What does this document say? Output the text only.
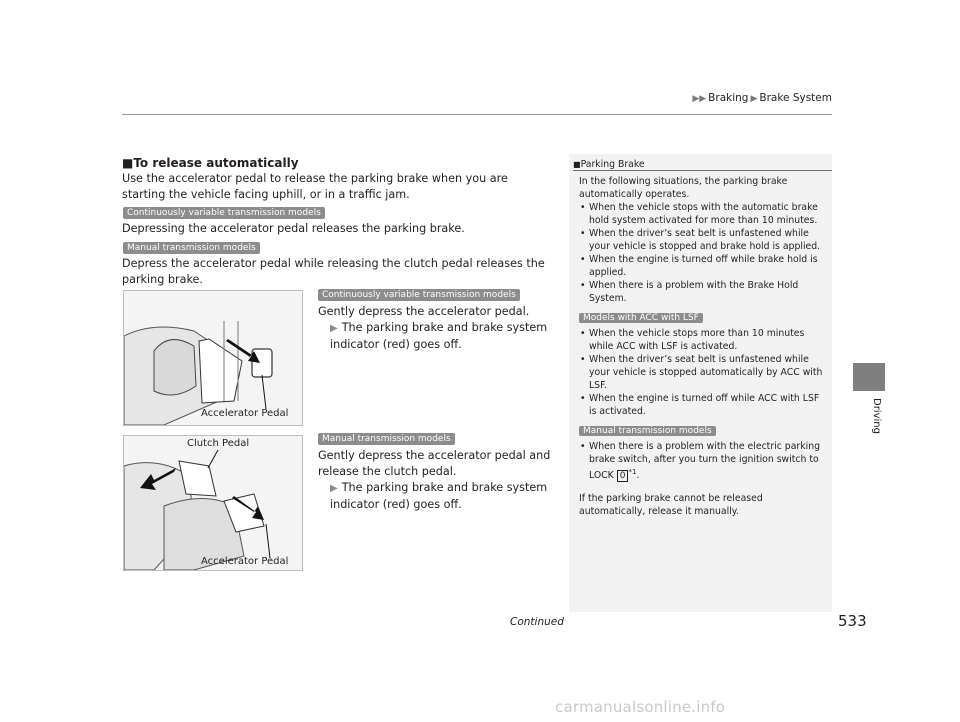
▶▶ Braking ▶ Brake System
Driving
■To release automatically
Use the accelerator pedal to release the parking brake when you are starting the vehicle facing uphill, or in a traffic jam.
Continuously variable transmission models
Depressing the accelerator pedal releases the parking brake.
Manual transmission models
Depress the accelerator pedal while releasing the clutch pedal releases the parking brake.
Accelerator Pedal
Continuously variable transmission models
Gently depress the accelerator pedal.
▶ The parking brake and brake system indicator (red) goes off.
Clutch Pedal
Accelerator Pedal
Manual transmission models
Gently depress the accelerator pedal and release the clutch pedal.
▶ The parking brake and brake system indicator (red) goes off.
■Parking Brake
In the following situations, the parking brake automatically operates.
• When the vehicle stops with the automatic brake hold system activated for more than 10 minutes.
• When the driver’s seat belt is unfastened while your vehicle is stopped and brake hold is applied.
• When the engine is turned off while brake hold is applied.
• When there is a problem with the Brake Hold System.
Models with ACC with LSF
• When the vehicle stops more than 10 minutes while ACC with LSF is activated.
• When the driver’s seat belt is unfastened while your vehicle is stopped automatically by ACC with LSF.
• When the engine is turned off while ACC with LSF is activated.
Manual transmission models
• When there is a problem with the electric parking brake switch, after you turn the ignition switch to LOCK 0 $^{*1}$.
If the parking brake cannot be released automatically, release it manually.
Continued	533
carmanualsonline.info
